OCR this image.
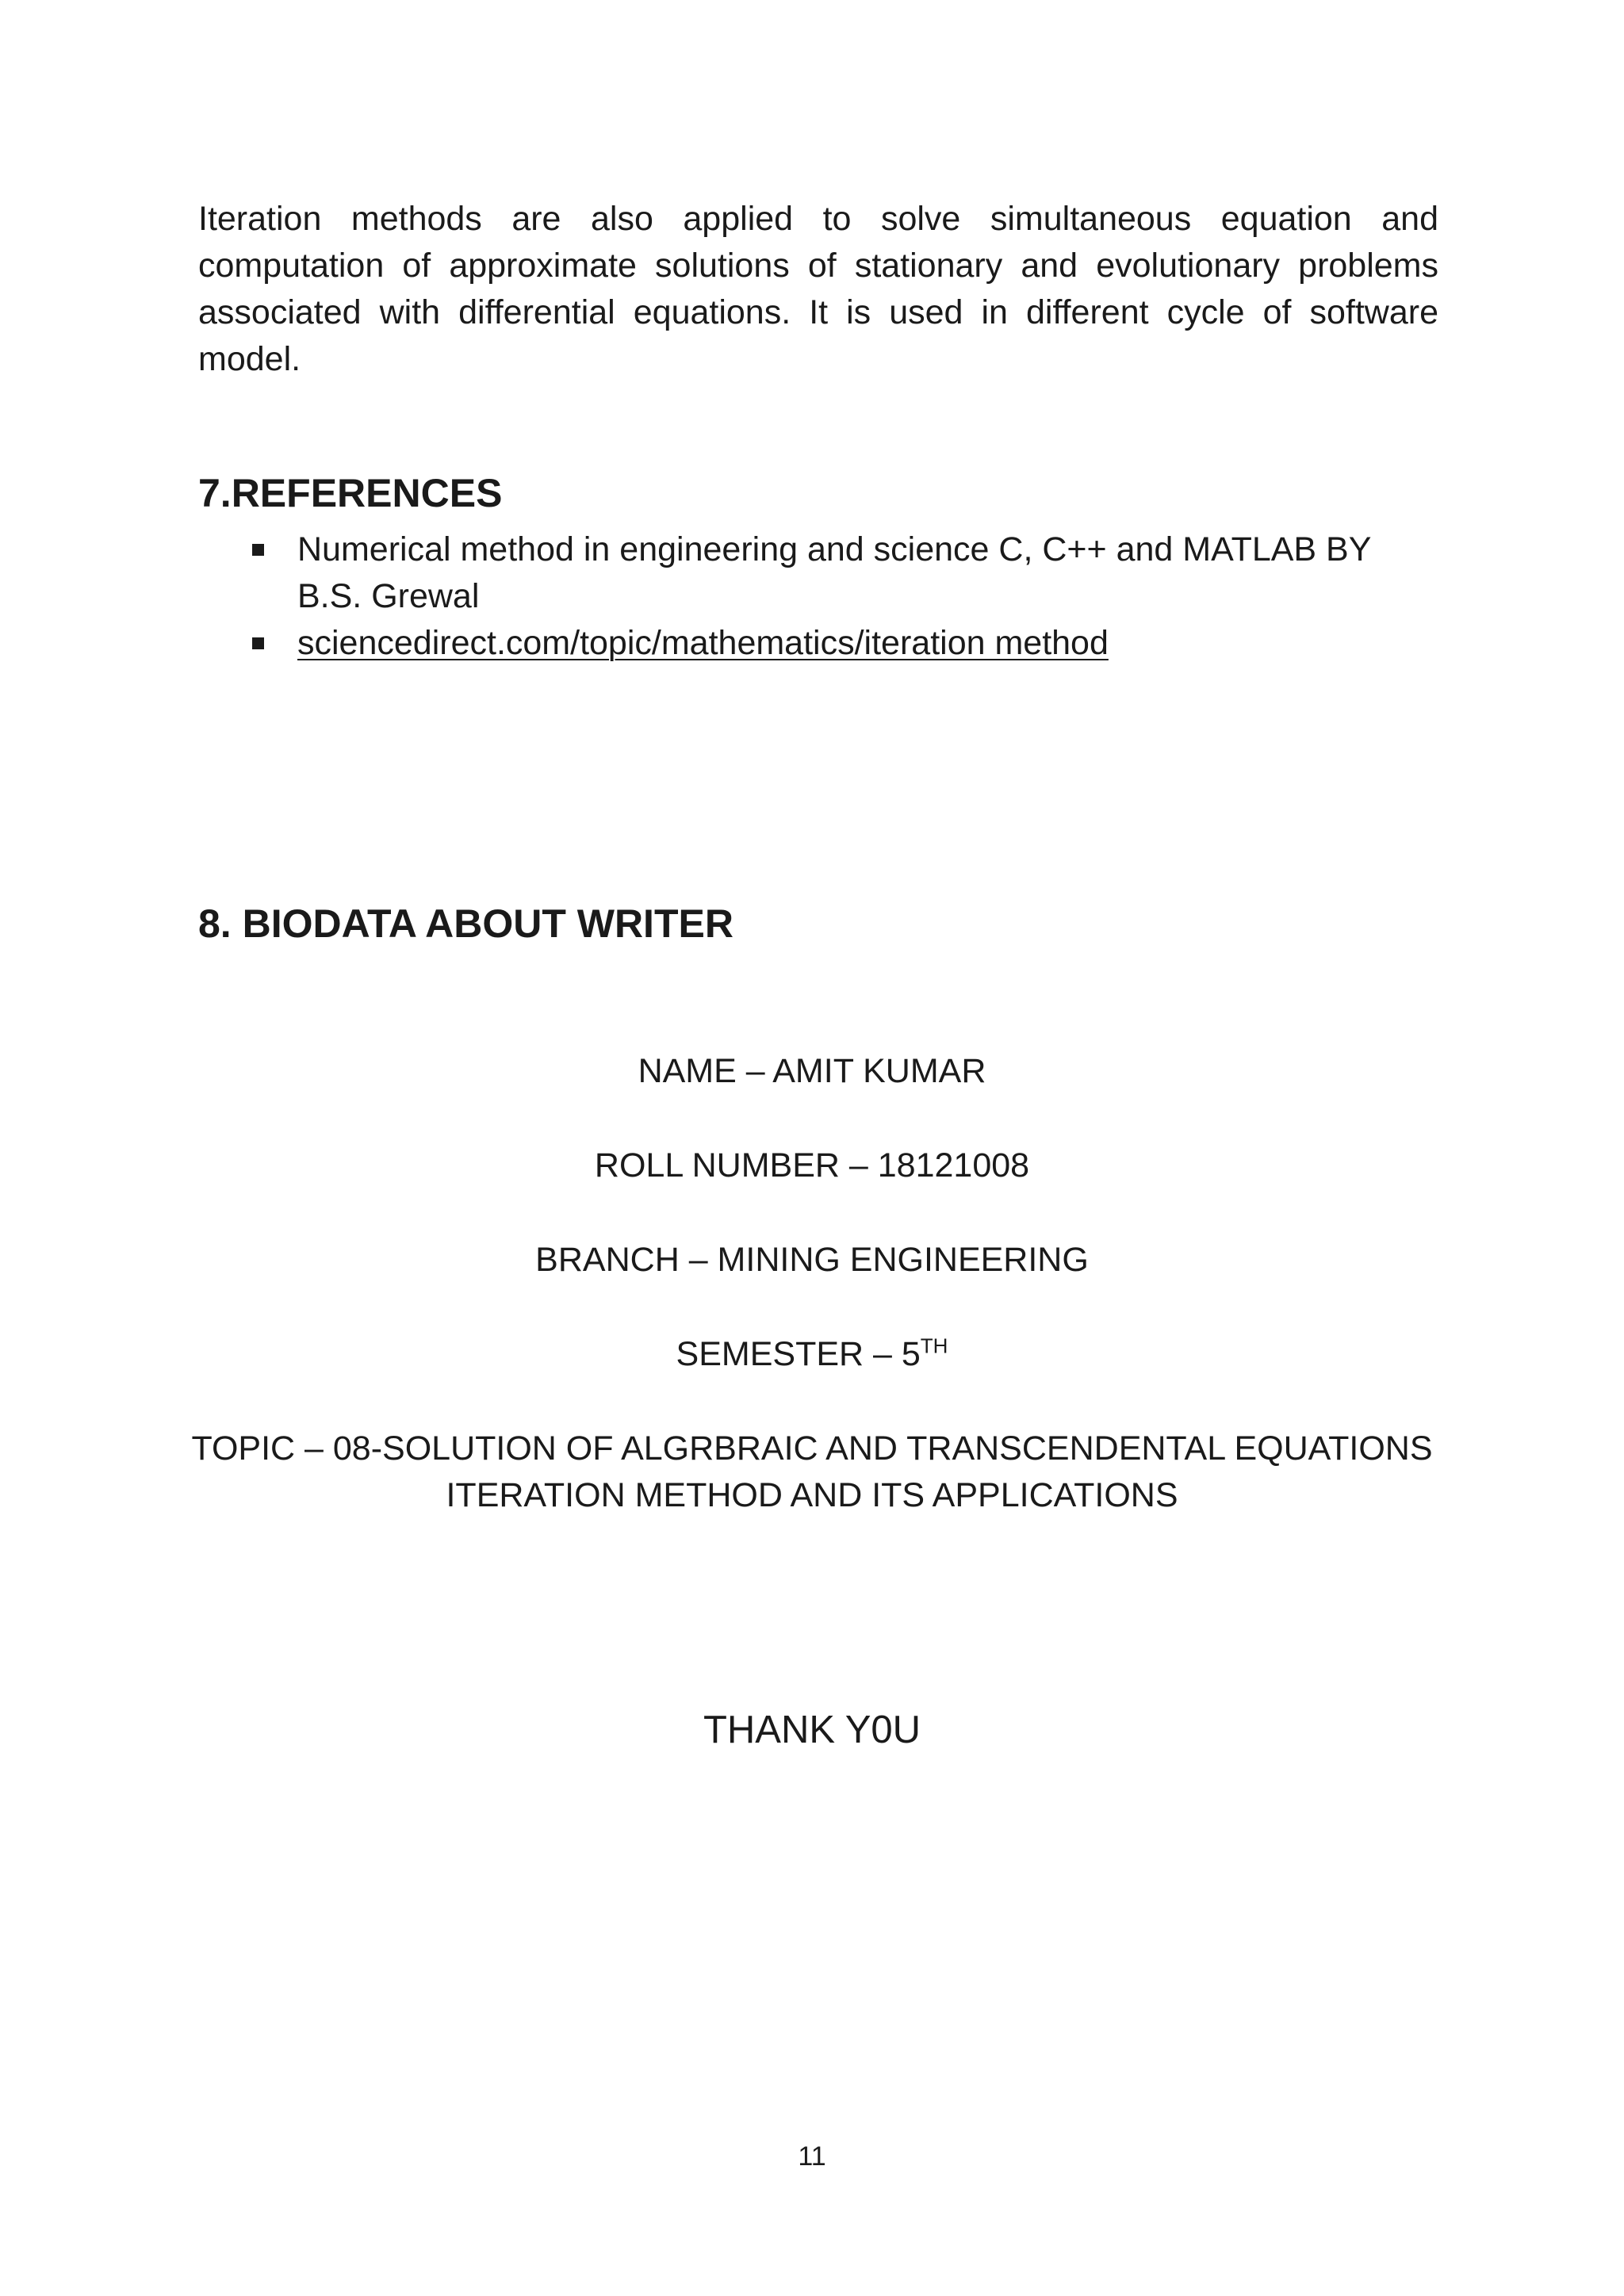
Iteration methods are also applied to solve simultaneous equation and computation of approximate solutions of stationary and evolutionary problems associated with differential equations. It is used in different cycle of software model.

7.REFERENCES
Numerical method in engineering and science C, C++ and MATLAB BY B.S. Grewal
sciencedirect.com/topic/mathematics/iteration method
8. BIODATA ABOUT WRITER

NAME – AMIT KUMAR

ROLL NUMBER – 18121008

BRANCH – MINING ENGINEERING

SEMESTER – 5TH

TOPIC – 08-SOLUTION OF ALGRBRAIC AND TRANSCENDENTAL EQUATIONS

ITERATION METHOD AND ITS APPLICATIONS

THANK Y0U

11
